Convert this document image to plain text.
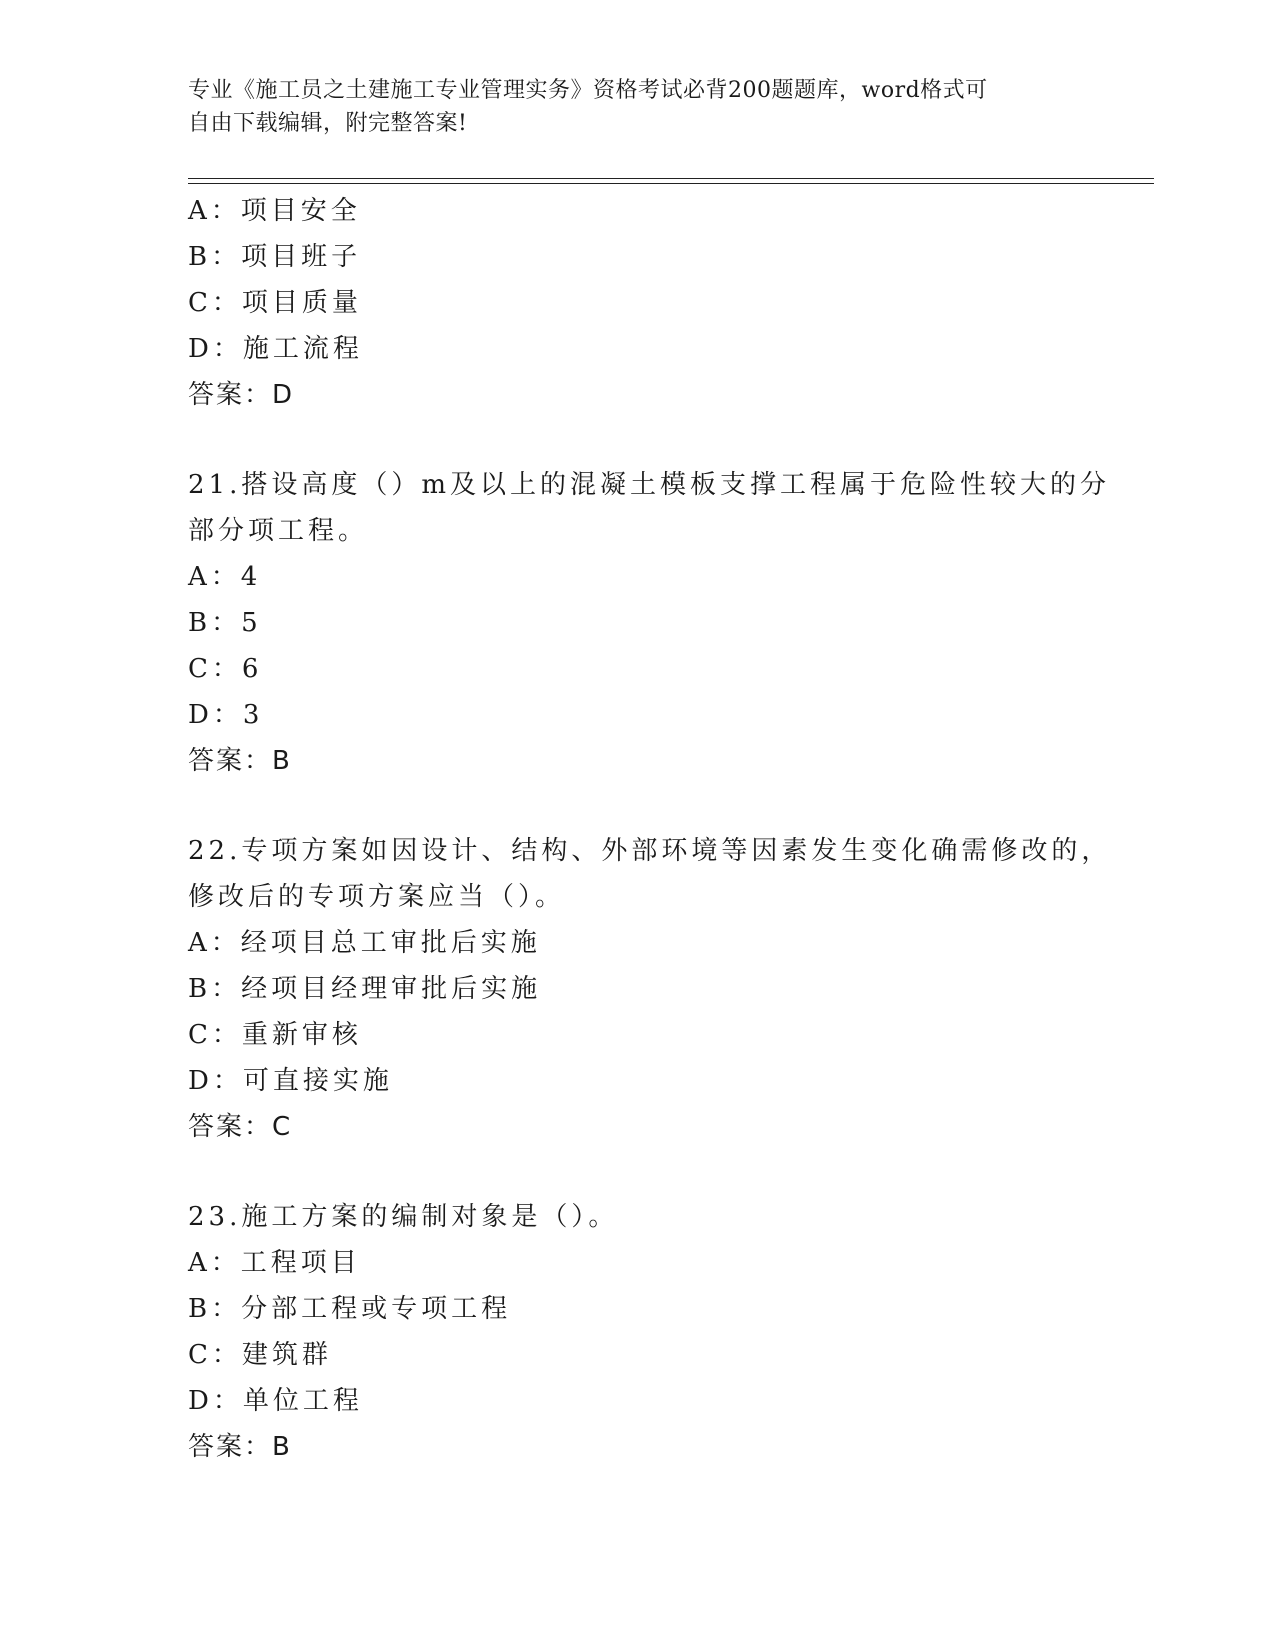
专业《施工员之土建施工专业管理实务》资格考试必背200题题库，word格式可
自由下载编辑，附完整答案!
A：项目安全
B：项目班子
C：项目质量
D：施工流程
答案：D
21.搭设高度（）m及以上的混凝土模板支撑工程属于危险性较大的分
部分项工程。
A：4
B：5
C：6
D：3
答案：B
22.专项方案如因设计、结构、外部环境等因素发生变化确需修改的，
修改后的专项方案应当（）。
A：经项目总工审批后实施
B：经项目经理审批后实施
C：重新审核
D：可直接实施
答案：C
23.施工方案的编制对象是（）。
A：工程项目
B：分部工程或专项工程
C：建筑群
D：单位工程
答案：B
